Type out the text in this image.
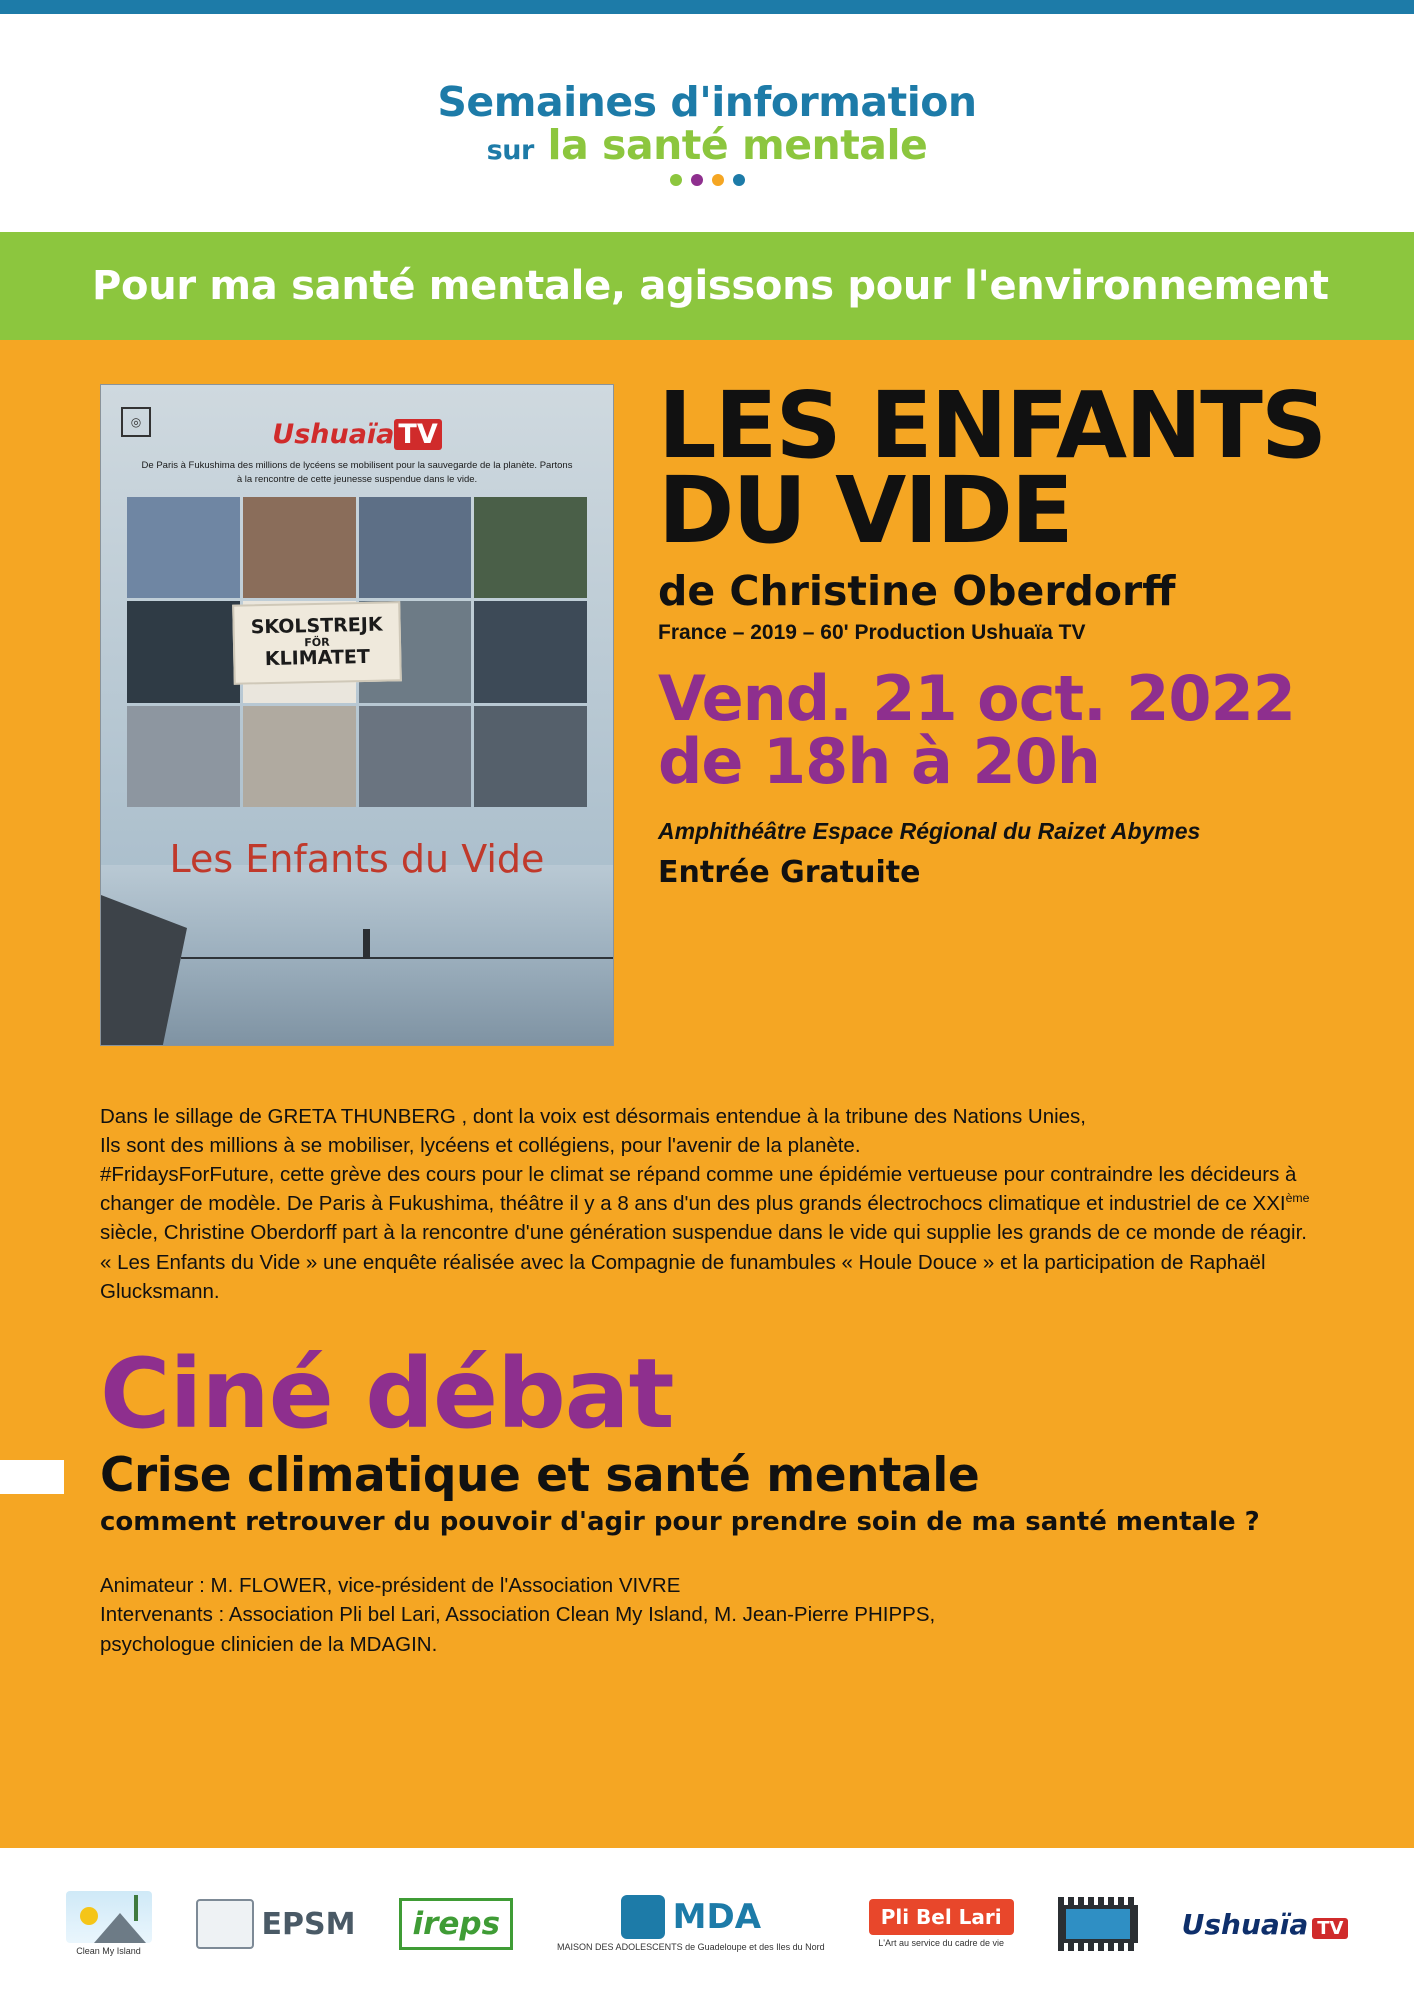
Semaines d'information
sur la santé mentale
Pour ma santé mentale, agissons pour l'environnement
◎	Ushuaïa TV
De Paris à Fukushima des millions de lycéens se mobilisent pour la sauvegarde de la planète. Partons à la rencontre de cette jeunesse suspendue dans le vide.
SKOLSTREJK
FÖR
KLIMATET
Les Enfants du Vide
LES ENFANTS
DU VIDE
de Christine Oberdorff
France – 2019 – 60' Production Ushuaïa TV
Vend. 21 oct. 2022
de 18h à 20h
Amphithéâtre Espace Régional du Raizet Abymes
Entrée Gratuite
Dans le sillage de GRETA THUNBERG , dont la voix est désormais entendue à la tribune des Nations Unies,
Ils sont des millions à se mobiliser, lycéens et collégiens, pour l'avenir de la planète.
#FridaysForFuture, cette grève des cours pour le climat se répand comme une épidémie vertueuse pour contraindre les décideurs à changer de modèle. De Paris à Fukushima, théâtre il y a 8 ans d'un des plus grands électrochocs climatique et industriel de ce XXIème siècle, Christine Oberdorff part à la rencontre d'une génération suspendue dans le vide qui supplie les grands de ce monde de réagir.
« Les Enfants du Vide » une enquête réalisée avec la Compagnie de funambules « Houle Douce » et la participation de Raphaël Glucksmann.
Ciné débat
Crise climatique et santé mentale
comment retrouver du pouvoir d'agir pour prendre soin de ma santé mentale ?
Animateur : M. FLOWER, vice-président de l'Association VIVRE
Intervenants : Association Pli bel Lari, Association Clean My Island, M. Jean-Pierre PHIPPS,
psychologue clinicien de la MDAGIN.
Clean My Island
EPSM ireps	MDA
MAISON DES ADOLESCENTS de Guadeloupe et des Iles du Nord
Pli Bel Lari
L'Art au service du cadre de vie
Ushuaïa TV
